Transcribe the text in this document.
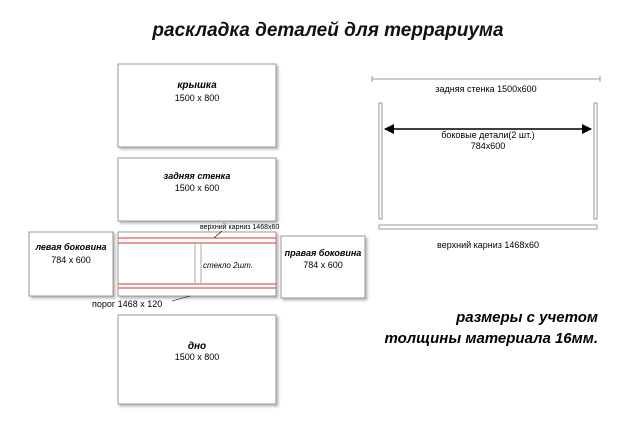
раскладка деталей для террариума
крышка
1500 x 800
задняя стенка
1500 x 600
левая боковина
784 x 600
стекло 2шт.
верхний карниз 1468х60
порог 1468 х 120
правая боковина
784 x 600
дно
1500 x 800
задняя стенка 1500х600
боковые детали(2 шт.)
784х600
верхний карниз 1468х60
размеры с учетом
толщины материала 16мм.
